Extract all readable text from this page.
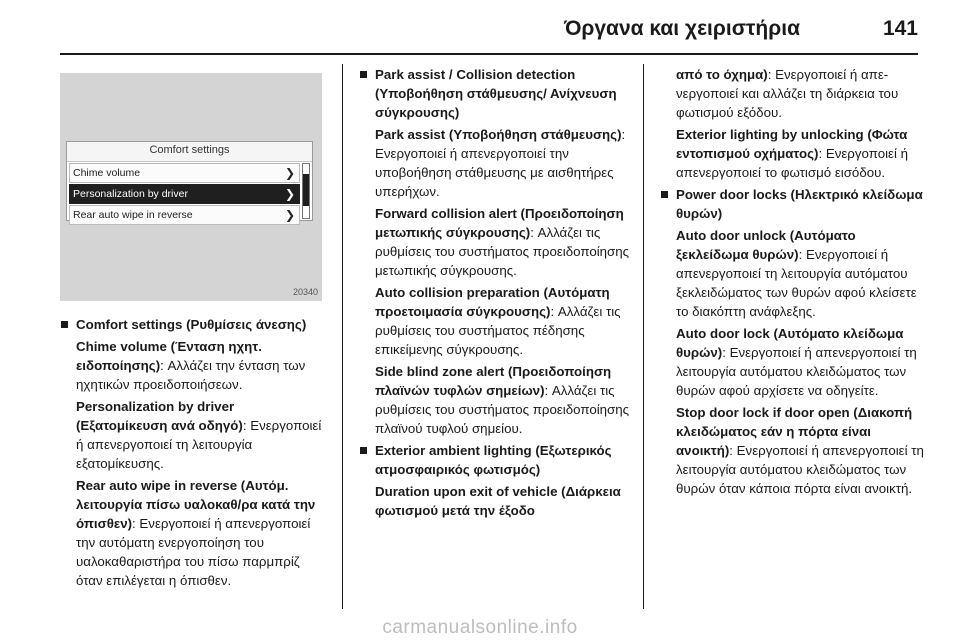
Όργανα και χειριστήρια	141
Comfort settings
Chime volume	❯
Personalization by driver	❯
Rear auto wipe in reverse	❯
20340
Comfort settings (Ρυθμίσεις άνεσης)
Chime volume (Ένταση ηχητ. ειδοποίησης): Αλλάζει την ένταση των ηχητικών προειδοποιήσεων.
Personalization by driver (Εξατομίκευση ανά οδηγό): Ενεργοποιεί ή απενεργοποιεί τη λειτουργία εξατομίκευσης.
Rear auto wipe in reverse (Αυτόμ. λειτουργία πίσω υαλοκαθ/ρα κατά την όπισθεν): Ενεργοποιεί ή απενεργοποιεί την αυτόματη ενεργοποίηση του υαλοκαθαριστήρα του πίσω παρμπρίζ όταν επιλέγεται η όπισθεν.
Park assist / Collision detection (Υποβοήθηση στάθμευσης/ Ανίχνευση σύγκρουσης)
Park assist (Υποβοήθηση στάθμευσης): Ενεργοποιεί ή απενεργοποιεί την υποβοήθηση στάθμευσης με αισθητήρες υπερήχων.
Forward collision alert (Προειδοποίηση μετωπικής σύγκρουσης): Αλλάζει τις ρυθμίσεις του συστήματος προειδοποίησης μετωπικής σύγκρουσης.
Auto collision preparation (Αυτόματη προετοιμασία σύγκρουσης): Αλλάζει τις ρυθμίσεις του συστήματος πέδησης επικείμενης σύγκρουσης.
Side blind zone alert (Προειδοποίηση πλαϊνών τυφλών σημείων): Αλλάζει τις ρυθμίσεις του συστήματος προειδοποίησης πλαϊνού τυφλού σημείου.
Exterior ambient lighting (Εξωτερικός ατμοσφαιρικός φωτισμός)
Duration upon exit of vehicle (Διάρκεια φωτισμού μετά την έξοδο
από το όχημα): Ενεργοποιεί ή απενεργοποιεί και αλλάζει τη διάρκεια του φωτισμού εξόδου.
Exterior lighting by unlocking (Φώτα εντοπισμού οχήματος): Ενεργοποιεί ή απενεργοποιεί το φωτισμό εισόδου.
Power door locks (Ηλεκτρικό κλείδωμα θυρών)
Auto door unlock (Αυτόματο ξεκλείδωμα θυρών): Ενεργοποιεί ή απενεργοποιεί τη λειτουργία αυτόματου ξεκλειδώματος των θυρών αφού κλείσετε το διακόπτη ανάφλεξης.
Auto door lock (Αυτόματο κλείδωμα θυρών): Ενεργοποιεί ή απενεργοποιεί τη λειτουργία αυτόματου κλειδώματος των θυρών αφού αρχίσετε να οδηγείτε.
Stop door lock if door open (Διακοπή κλειδώματος εάν η πόρτα είναι ανοικτή): Ενεργοποιεί ή απενεργοποιεί τη λειτουργία αυτόματου κλειδώματος των θυρών όταν κάποια πόρτα είναι ανοικτή.
carmanualsonline.info
